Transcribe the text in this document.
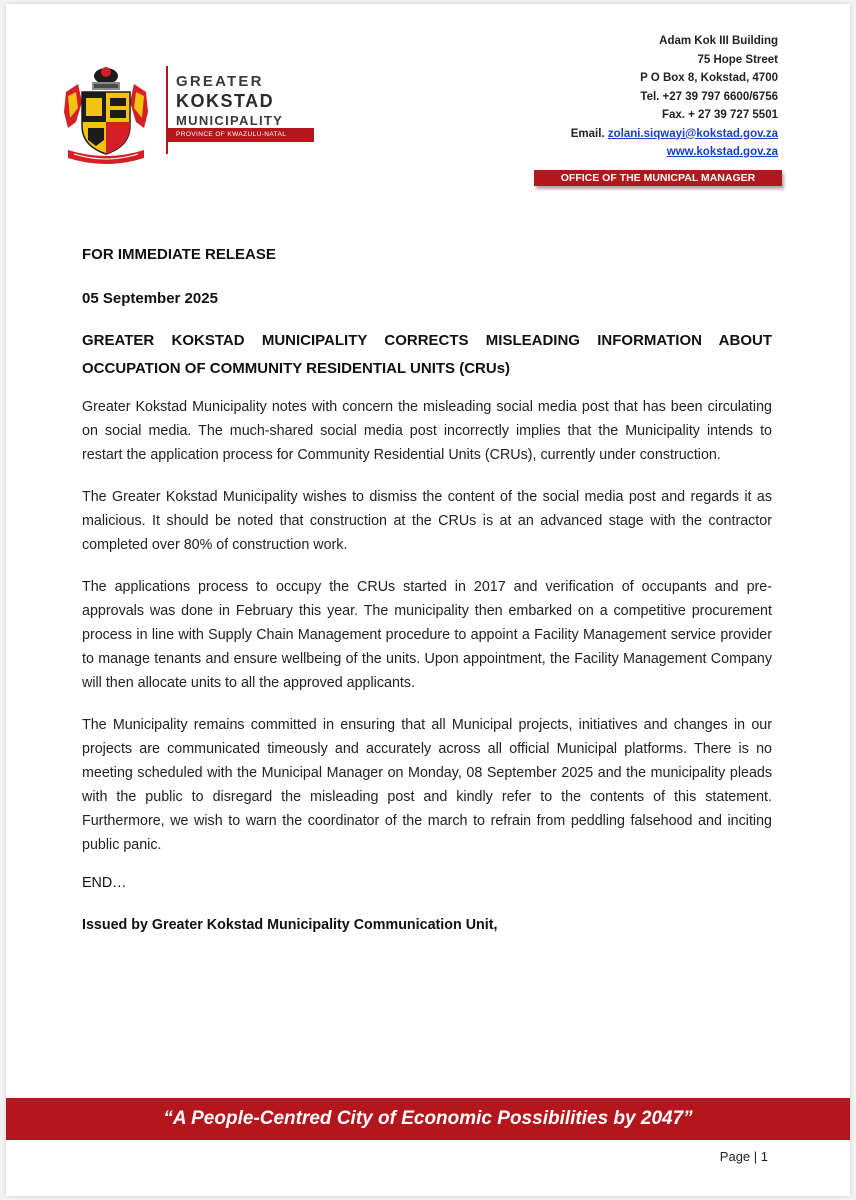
GREATER
KOKSTAD
MUNICIPALITY
PROVINCE OF KWAZULU-NATAL
Adam Kok III Building
75 Hope Street
P O Box 8, Kokstad, 4700
Tel. +27 39 797 6600/6756
Fax. + 27 39 727 5501
Email. zolani.siqwayi@kokstad.gov.za
www.kokstad.gov.za
OFFICE OF THE MUNICPAL MANAGER

FOR IMMEDIATE RELEASE

05 September 2025

GREATER KOKSTAD MUNICIPALITY CORRECTS MISLEADING INFORMATION ABOUT OCCUPATION OF COMMUNITY RESIDENTIAL UNITS (CRUs)

Greater Kokstad Municipality notes with concern the misleading social media post that has been circulating on social media. The much-shared social media post incorrectly implies that the Municipality intends to restart the application process for Community Residential Units (CRUs), currently under construction.

The Greater Kokstad Municipality wishes to dismiss the content of the social media post and regards it as malicious. It should be noted that construction at the CRUs is at an advanced stage with the contractor completed over 80% of construction work.

The applications process to occupy the CRUs started in 2017 and verification of occupants and pre-approvals was done in February this year. The municipality then embarked on a competitive procurement process in line with Supply Chain Management procedure to appoint a Facility Management service provider to manage tenants and ensure wellbeing of the units. Upon appointment, the Facility Management Company will then allocate units to all the approved applicants.

The Municipality remains committed in ensuring that all Municipal projects, initiatives and changes in our projects are communicated timeously and accurately across all official Municipal platforms. There is no meeting scheduled with the Municipal Manager on Monday, 08 September 2025 and the municipality pleads with the public to disregard the misleading post and kindly refer to the contents of this statement. Furthermore, we wish to warn the coordinator of the march to refrain from peddling falsehood and inciting public panic.

END…

Issued by Greater Kokstad Municipality Communication Unit,

Page | 1
“A People-Centred City of Economic Possibilities by 2047”
